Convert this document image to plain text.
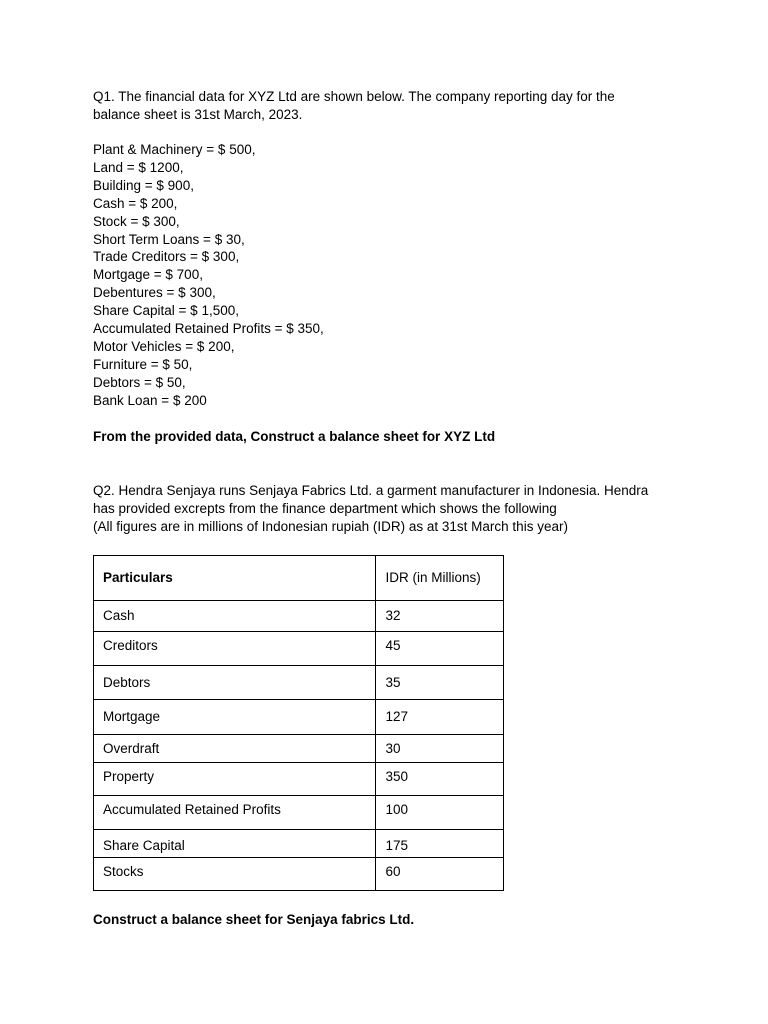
Q1. The financial data for XYZ Ltd are shown below. The company reporting day for the
balance sheet is 31st March, 2023.

Plant & Machinery = $ 500,
Land = $ 1200,
Building = $ 900,
Cash = $ 200,
Stock = $ 300,
Short Term Loans = $ 30,
Trade Creditors = $ 300,
Mortgage = $ 700,
Debentures = $ 300,
Share Capital = $ 1,500,
Accumulated Retained Profits = $ 350,
Motor Vehicles = $ 200,
Furniture = $ 50,
Debtors = $ 50,
Bank Loan = $ 200

From the provided data, Construct a balance sheet for XYZ Ltd

Q2. Hendra Senjaya runs Senjaya Fabrics Ltd. a garment manufacturer in Indonesia. Hendra
has provided excrepts from the finance department which shows the following
(All figures are in millions of Indonesian rupiah (IDR) as at 31st March this year)

Particulars	IDR (in Millions)
Cash	32
Creditors	45
Debtors	35
Mortgage	127
Overdraft	30
Property	350
Accumulated Retained Profits	100
Share Capital	175
Stocks	60

Construct a balance sheet for Senjaya fabrics Ltd.
